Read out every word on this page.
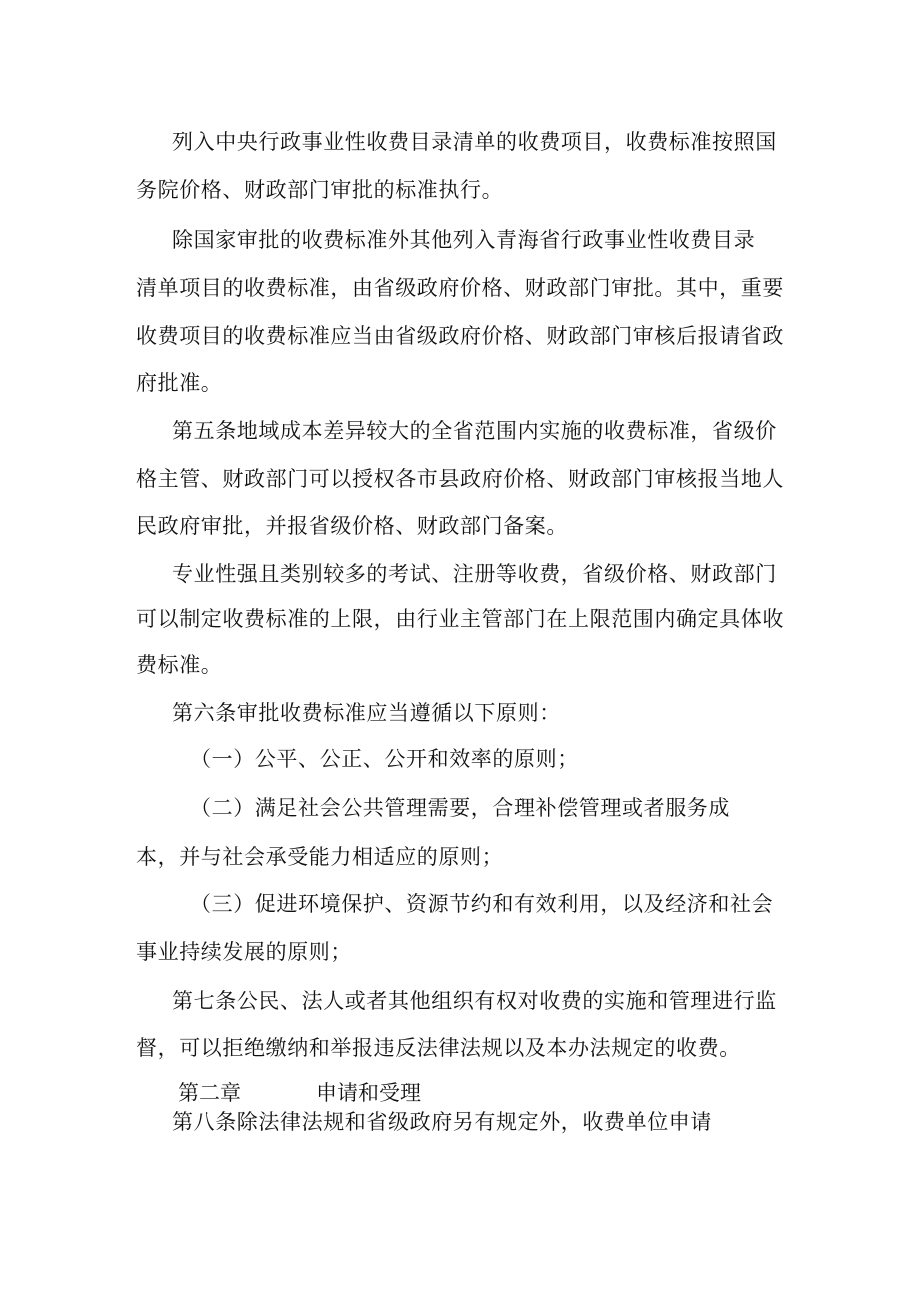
列入中央行政事业性收费目录清单的收费项目，收费标准按照国
务院价格、财政部门审批的标准执行。
除国家审批的收费标准外其他列入青海省行政事业性收费目录
清单项目的收费标准，由省级政府价格、财政部门审批。其中，重要
收费项目的收费标准应当由省级政府价格、财政部门审核后报请省政
府批准。
第五条地域成本差异较大的全省范围内实施的收费标准，省级价
格主管、财政部门可以授权各市县政府价格、财政部门审核报当地人
民政府审批，并报省级价格、财政部门备案。
专业性强且类别较多的考试、注册等收费，省级价格、财政部门
可以制定收费标准的上限，由行业主管部门在上限范围内确定具体收
费标准。
第六条审批收费标准应当遵循以下原则：
（一）公平、公正、公开和效率的原则；
（二）满足社会公共管理需要，合理补偿管理或者服务成
本，并与社会承受能力相适应的原则；
（三）促进环境保护、资源节约和有效利用，以及经济和社会
事业持续发展的原则；
第七条公民、法人或者其他组织有权对收费的实施和管理进行监
督，可以拒绝缴纳和举报违反法律法规以及本办法规定的收费。
第二章	申请和受理
第八条除法律法规和省级政府另有规定外，收费单位申请
